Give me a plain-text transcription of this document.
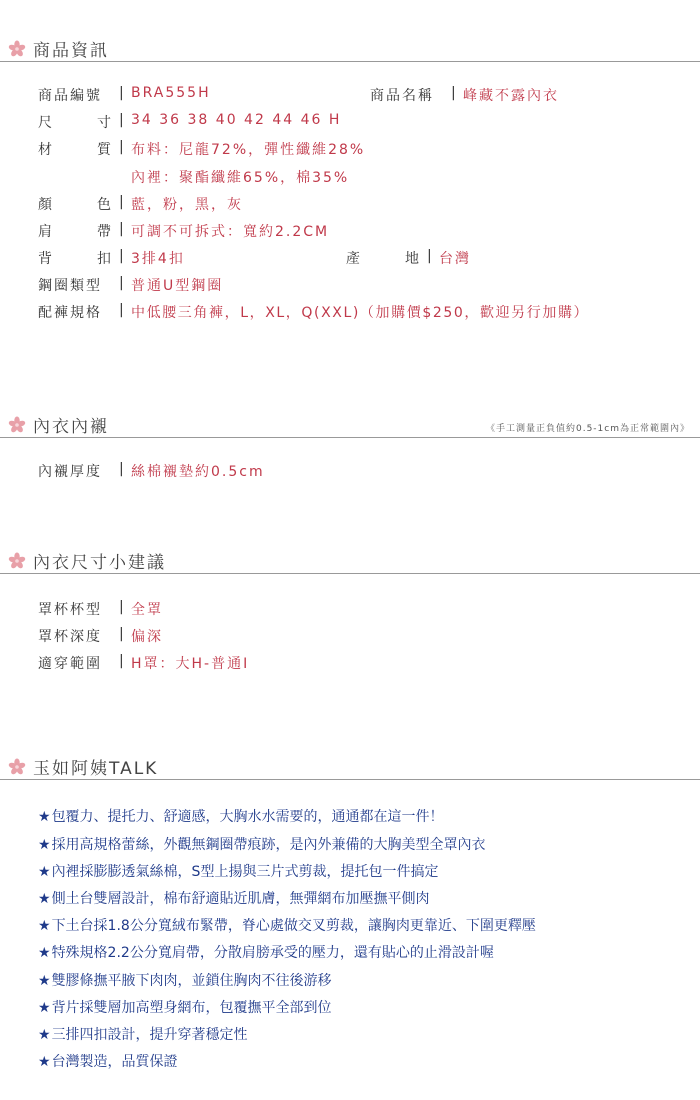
商品資訊
商品編號	| BRA555H	商品名稱	| 峰藏不露內衣
尺	寸 | 34 36 38 40 42 44 46 H
材	質 | 布料：尼龍72%，彈性纖維28%
內裡：聚酯纖維65%，棉35%
顏	色 | 藍，粉，黑，灰
肩	帶 | 可調不可拆式：寬約2.2CM
背	扣 | 3排4扣	產	地 | 台灣
鋼圈類型	| 普通U型鋼圈
配褲規格	| 中低腰三角褲，L，XL，Q(XXL)（加購價$250，歡迎另行加購）
內衣內襯	《手工測量正負值約0.5-1cm為正常範圍內》
內襯厚度	| 絲棉襯墊約0.5cm
內衣尺寸小建議
罩杯杯型	| 全罩
罩杯深度	| 偏深
適穿範圍	| H罩：大H-普通I
玉如阿姨TALK
★包覆力、提托力、舒適感，大胸水水需要的，通通都在這一件！
★採用高規格蕾絲，外觀無鋼圈帶痕跡，是內外兼備的大胸美型全罩內衣
★內裡採膨膨透氣絲棉，S型上揚與三片式剪裁，提托包一件搞定
★側土台雙層設計，棉布舒適貼近肌膚，無彈網布加壓撫平側肉
★下土台採1.8公分寬絨布緊帶，脊心處做交叉剪裁，讓胸肉更靠近、下圍更釋壓
★特殊規格2.2公分寬肩帶，分散肩膀承受的壓力，還有貼心的止滑設計喔
★雙膠條撫平腋下肉肉，並鎖住胸肉不往後游移
★背片採雙層加高塑身網布，包覆撫平全部到位
★三排四扣設計，提升穿著穩定性
★台灣製造，品質保證
